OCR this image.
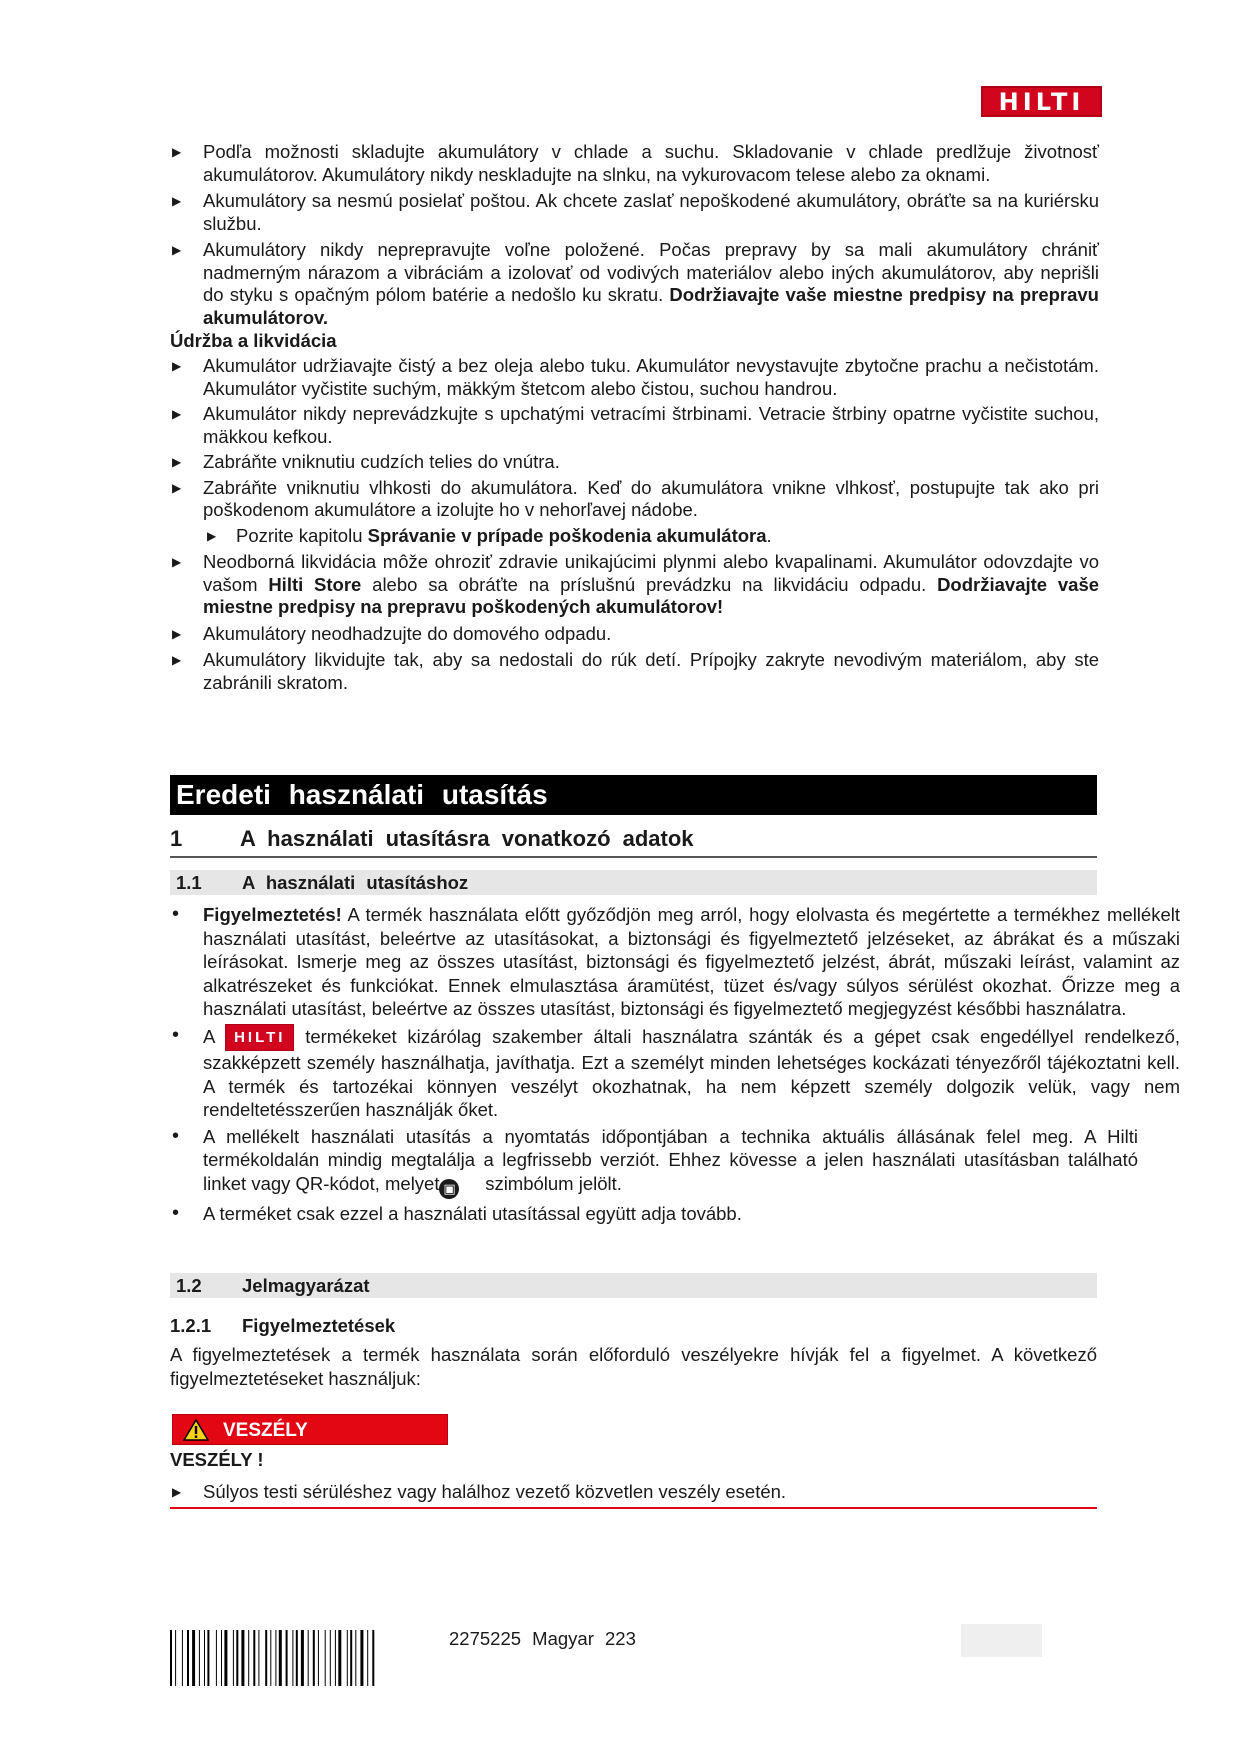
HILTI

▶ Podľa možnosti skladujte akumulátory v chlade a suchu. Skladovanie v chlade predlžuje životnosť akumulátorov. Akumulátory nikdy neskladujte na slnku, na vykurovacom telese alebo za oknami.

▶ Akumulátory sa nesmú posielať poštou. Ak chcete zaslať nepoškodené akumulátory, obráťte sa na kuriérsku službu.

▶ Akumulátory nikdy neprepravujte voľne položené. Počas prepravy by sa mali akumulátory chrániť nadmerným nárazom a vibráciám a izolovať od vodivých materiálov alebo iných akumulátorov, aby neprišli do styku s opačným pólom batérie a nedošlo ku skratu. Dodržiavajte vaše miestne predpisy na prepravu akumulátorov.

Údržba a likvidácia

▶ Akumulátor udržiavajte čistý a bez oleja alebo tuku. Akumulátor nevystavujte zbytočne prachu a nečistotám. Akumulátor vyčistite suchým, mäkkým štetcom alebo čistou, suchou handrou.

▶ Akumulátor nikdy neprevádzkujte s upchatými vetracími štrbinami. Vetracie štrbiny opatrne vyčistite suchou, mäkkou kefkou.

▶ Zabráňte vniknutiu cudzích telies do vnútra.

▶ Zabráňte vniknutiu vlhkosti do akumulátora. Keď do akumulátora vnikne vlhkosť, postupujte tak ako pri poškodenom akumulátore a izolujte ho v nehorľavej nádobe.

▶ Pozrite kapitolu Správanie v prípade poškodenia akumulátora.

▶ Neodborná likvidácia môže ohroziť zdravie unikajúcimi plynmi alebo kvapalinami. Akumulátor odovzdajte vo vašom Hilti Store alebo sa obráťte na príslušnú prevádzku na likvidáciu odpadu. Dodržiavajte vaše miestne predpisy na prepravu poškodených akumulátorov!

▶ Akumulátory neodhadzujte do domového odpadu.

▶ Akumulátory likvidujte tak, aby sa nedostali do rúk detí. Prípojky zakryte nevodivým materiálom, aby ste zabránili skratom.

Eredeti használati utasítás
1	A használati utasításra vonatkozó adatok
1.1 A használati utasításhoz

• Figyelmeztetés! A termék használata előtt győződjön meg arról, hogy elolvasta és megértette a termékhez mellékelt használati utasítást, beleértve az utasításokat, a biztonsági és figyelmeztető jelzéseket, az ábrákat és a műszaki leírásokat. Ismerje meg az összes utasítást, biztonsági és figyelmeztető jelzést, ábrát, műszaki leírást, valamint az alkatrészeket és funkciókat. Ennek elmulasztása áramütést, tüzet és/vagy súlyos sérülést okozhat. Őrizze meg a használati utasítást, beleértve az összes utasítást, biztonsági és figyelmeztető megjegyzést későbbi használatra.

• A HILTI termékeket kizárólag szakember általi használatra szánták és a gépet csak engedéllyel rendelkező, szakképzett személy használhatja, javíthatja. Ezt a személyt minden lehetséges kockázati tényezőről tájékoztatni kell. A termék és tartozékai könnyen veszélyt okozhatnak, ha nem képzett személy dolgozik velük, vagy nem rendeltetésszerűen használják őket.

• A mellékelt használati utasítás a nyomtatás időpontjában a technika aktuális állásának felel meg. A Hilti termékoldalán mindig megtalálja a legfrissebb verziót. Ehhez kövesse a jelen használati utasításban található linket vagy QR-kódot, melyet ▣ szimbólum jelölt.

• A terméket csak ezzel a használati utasítással együtt adja tovább.

1.2 Jelmagyarázat
1.2.1 Figyelmeztetések
A figyelmeztetések a termék használata során előforduló veszélyekre hívják fel a figyelmet. A következő figyelmeztetéseket használjuk:
VESZÉLY
VESZÉLY !

▶ Súlyos testi sérüléshez vagy halálhoz vezető közvetlen veszély esetén.

2275225 Magyar 223
